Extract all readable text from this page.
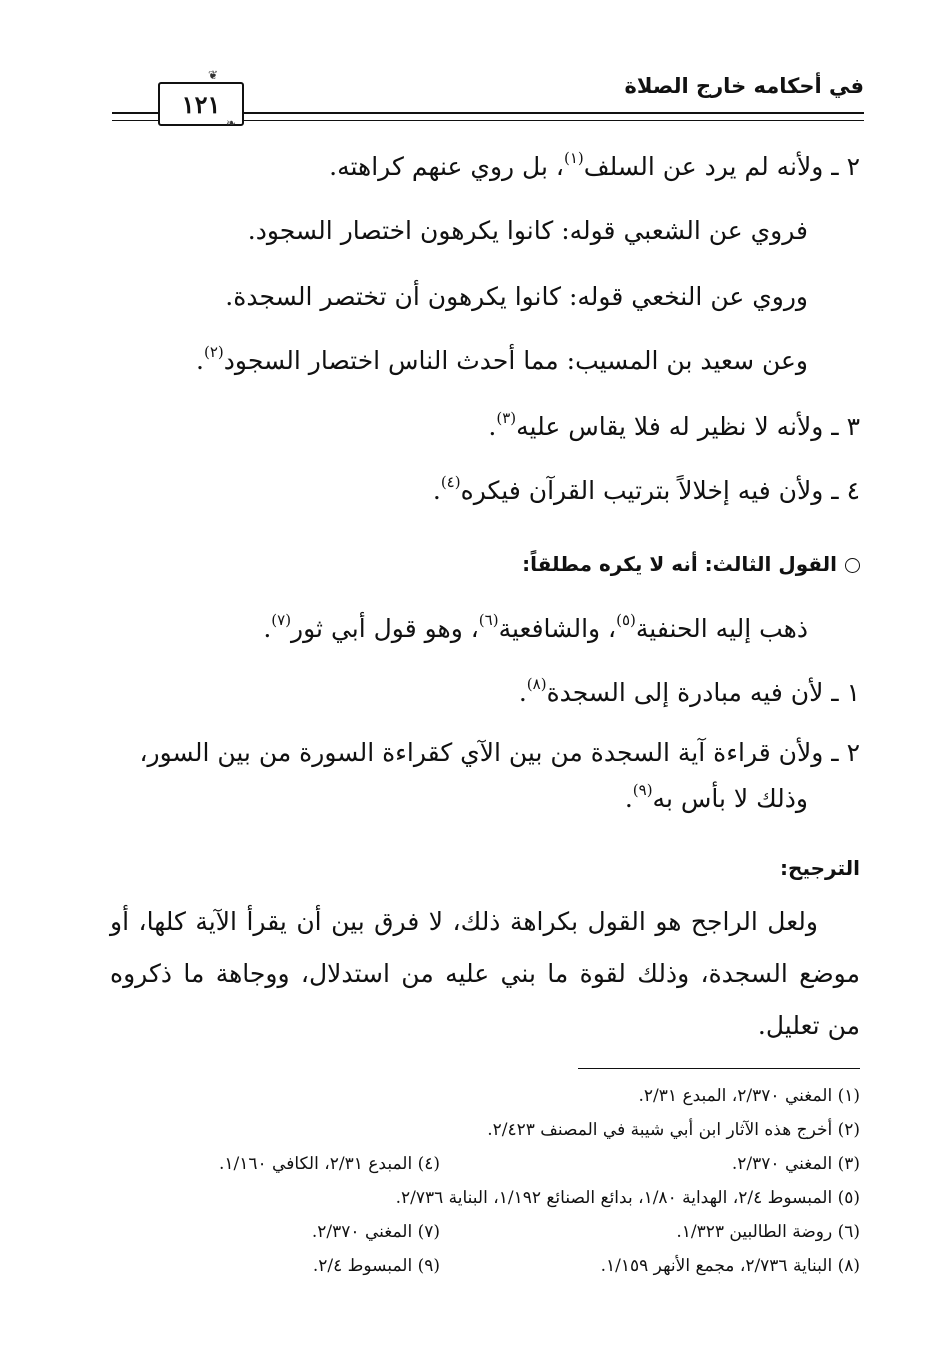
في أحكامه خارج الصلاة
١٢١
❦
❧
٢ ـ ولأنه لم يرد عن السلف$^{(١)}$، بل روي عنهم كراهته.
فروي عن الشعبي قوله: كانوا يكرهون اختصار السجود.
وروي عن النخعي قوله: كانوا يكرهون أن تختصر السجدة.
وعن سعيد بن المسيب: مما أحدث الناس اختصار السجود$^{(٢)}$.
٣ ـ ولأنه لا نظير له فلا يقاس عليه$^{(٣)}$.
٤ ـ ولأن فيه إخلالاً بترتيب القرآن فيكره$^{(٤)}$.
القول الثالث: أنه لا يكره مطلقاً:
ذهب إليه الحنفية$^{(٥)}$، والشافعية$^{(٦)}$، وهو قول أبي ثور$^{(٧)}$.
١ ـ لأن فيه مبادرة إلى السجدة$^{(٨)}$.
٢ ـ ولأن قراءة آية السجدة من بين الآي كقراءة السورة من بين السور،
وذلك لا بأس به$^{(٩)}$.
الترجيح:

ولعل الراجح هو القول بكراهة ذلك، لا فرق بين أن يقرأ الآية كلها، أو موضع السجدة، وذلك لقوة ما بني عليه من استدلال، ووجاهة ما ذكروه من تعليل.

(١) المغني ٢/٣٧٠، المبدع ٢/٣١.
(٢) أخرج هذه الآثار ابن أبي شيبة في المصنف ٢/٤٢٣.
(٣) المغني ٢/٣٧٠.
(٤) المبدع ٢/٣١، الكافي ١/١٦٠.
(٥) المبسوط ٢/٤، الهداية ١/٨٠، بدائع الصنائع ١/١٩٢، البناية ٢/٧٣٦.
(٦) روضة الطالبين ١/٣٢٣.
(٧) المغني ٢/٣٧٠.
(٨) البناية ٢/٧٣٦، مجمع الأنهر ١/١٥٩.
(٩) المبسوط ٢/٤.
